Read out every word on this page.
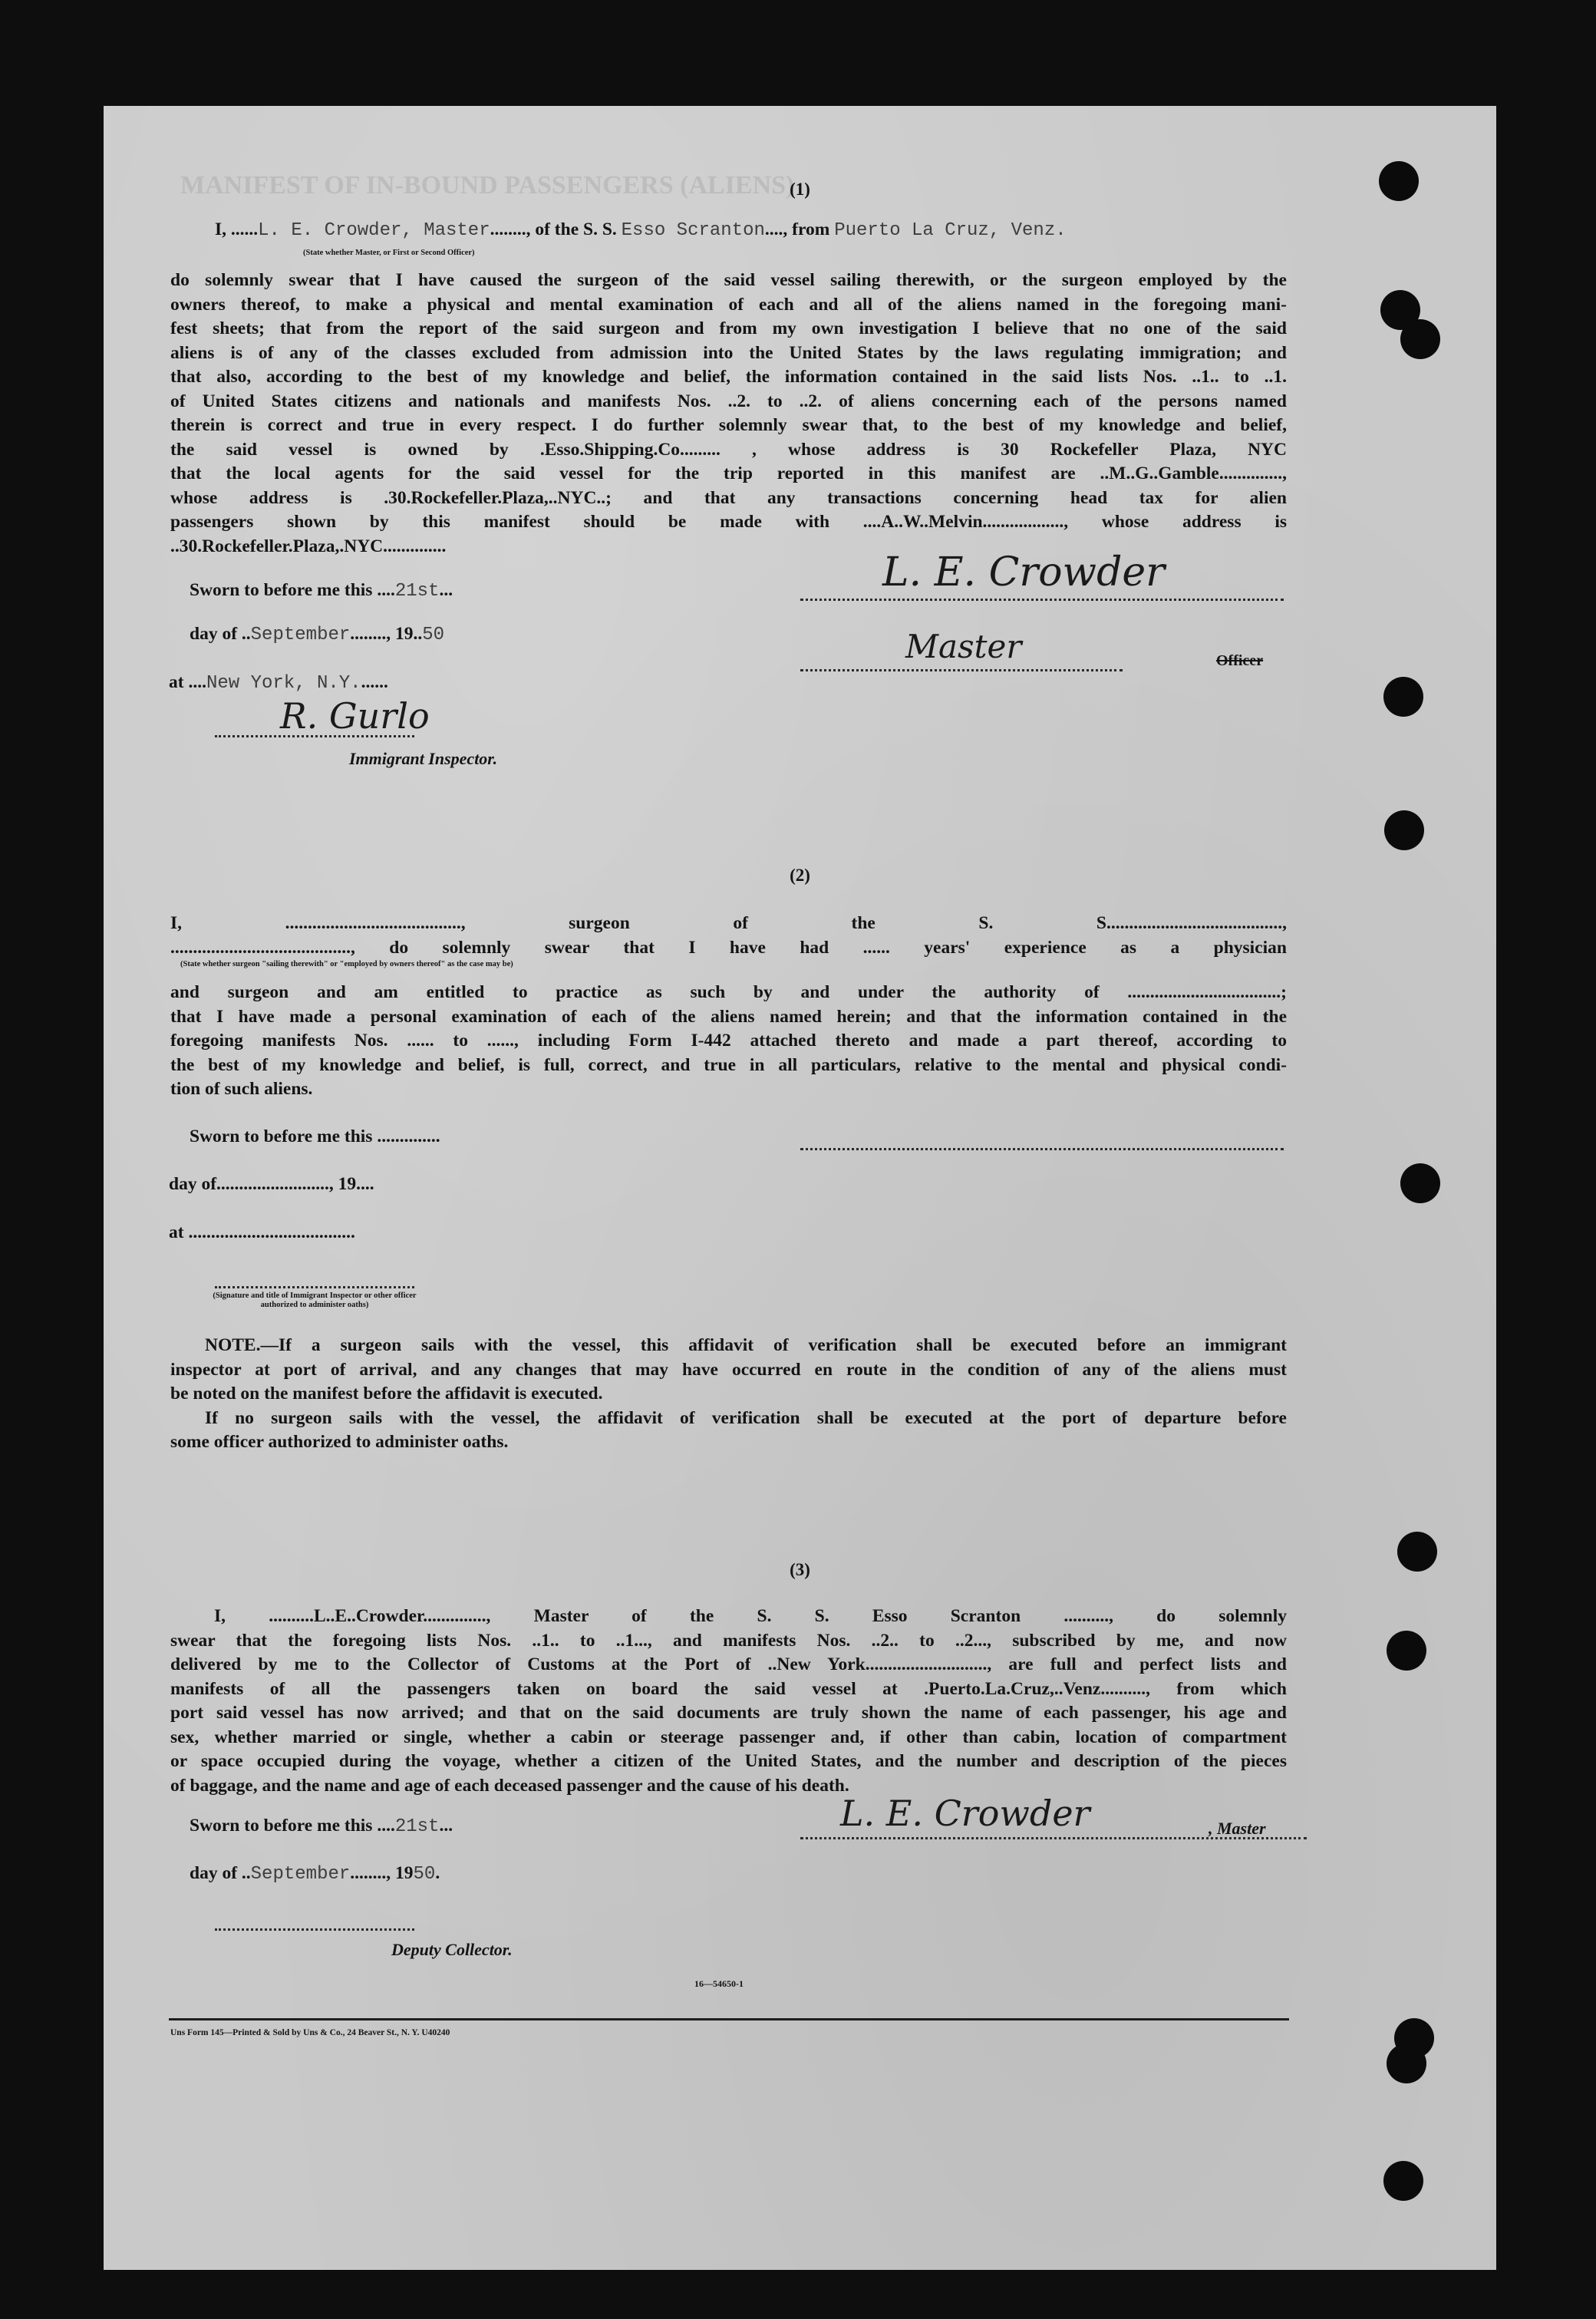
MANIFEST OF IN-BOUND PASSENGERS (ALIENS)
(1)
I, ......L. E. Crowder, Master........, of the S. S. Esso Scranton...., from Puerto La Cruz, Venz.
(State whether Master, or First or Second Officer)
do solemnly swear that I have caused the surgeon of the said vessel sailing therewith, or the surgeon employed by the
owners thereof, to make a physical and mental examination of each and all of the aliens named in the foregoing mani-
fest sheets; that from the report of the said surgeon and from my own investigation I believe that no one of the said
aliens is of any of the classes excluded from admission into the United States by the laws regulating immigration; and
that also, according to the best of my knowledge and belief, the information contained in the said lists Nos. ..1.. to ..1.
of United States citizens and nationals and manifests Nos. ..2. to ..2. of aliens concerning each of the persons named
therein is correct and true in every respect. I do further solemnly swear that, to the best of my knowledge and belief,
the said vessel is owned by .Esso.Shipping.Co......... , whose address is 30 Rockefeller Plaza, NYC
that the local agents for the said vessel for the trip reported in this manifest are ..M..G..Gamble..............,
whose address is .30.Rockefeller.Plaza,..NYC..; and that any transactions concerning head tax for alien
passengers shown by this manifest should be made with ....A..W..Melvin.................., whose address is
..30.Rockefeller.Plaza,.NYC..............
Sworn to before me this ....21st...
day of ..September........, 19..50
at ....New York, N.Y.......
R. Gurlo
Immigrant Inspector.
L. E. Crowder
Master	Officer
(2)
I, ......................................., surgeon of the S. S.......................................,
........................................, do solemnly swear that I have had ...... years' experience as a physician
(State whether surgeon "sailing therewith" or "employed by owners thereof" as the case may be)
and surgeon and am entitled to practice as such by and under the authority of ..................................;
that I have made a personal examination of each of the aliens named herein; and that the information contained in the
foregoing manifests Nos. ...... to ......, including Form I-442 attached thereto and made a part thereof, according to
the best of my knowledge and belief, is full, correct, and true in all particulars, relative to the mental and physical condi-
tion of such aliens.
Sworn to before me this ..............
day of........................., 19....
at .....................................
(Signature and title of Immigrant Inspector or other officer authorized to administer oaths)
NOTE.—If a surgeon sails with the vessel, this affidavit of verification shall be executed before an immigrant
inspector at port of arrival, and any changes that may have occurred en route in the condition of any of the aliens must
be noted on the manifest before the affidavit is executed.
If no surgeon sails with the vessel, the affidavit of verification shall be executed at the port of departure before
some officer authorized to administer oaths.
(3)
I, ..........L..E..Crowder.............., Master of the S. S. Esso Scranton .........., do solemnly
swear that the foregoing lists Nos. ..1.. to ..1..., and manifests Nos. ..2.. to ..2..., subscribed by me, and now
delivered by me to the Collector of Customs at the Port of ..New York..........................., are full and perfect lists and
manifests of all the passengers taken on board the said vessel at .Puerto.La.Cruz,..Venz.........., from which
port said vessel has now arrived; and that on the said documents are truly shown the name of each passenger, his age and
sex, whether married or single, whether a cabin or steerage passenger and, if other than cabin, location of compartment
or space occupied during the voyage, whether a citizen of the United States, and the number and description of the pieces
of baggage, and the name and age of each deceased passenger and the cause of his death.
Sworn to before me this ....21st...
day of ..September........, 1950.
L. E. Crowder	, Master
Deputy Collector.
16—54650-1
Uns Form 145—Printed & Sold by Uns & Co., 24 Beaver St., N. Y. U40240
